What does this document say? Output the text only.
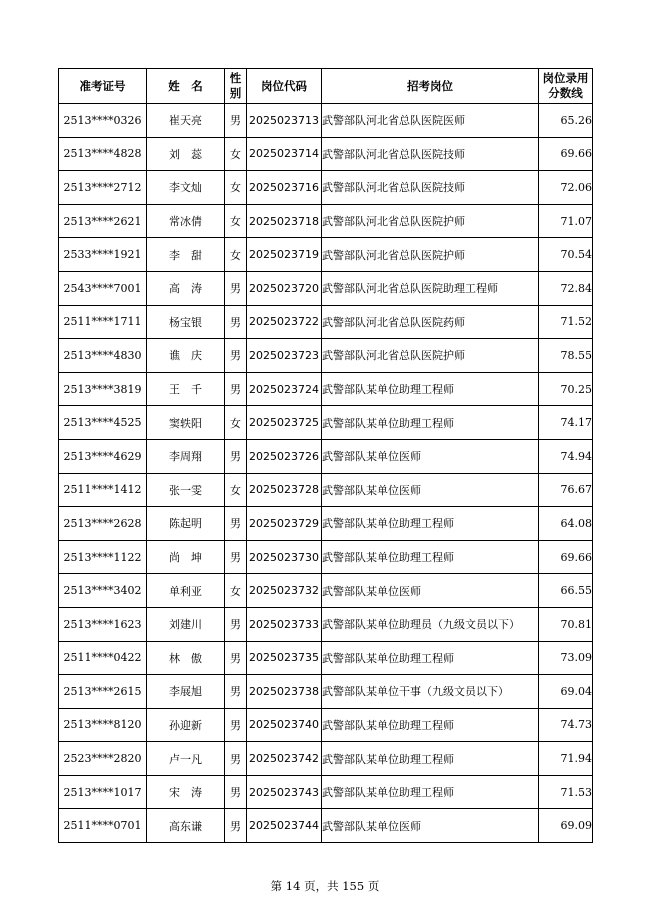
准考证号	姓　名	性别	岗位代码	招考岗位	岗位录用分数线
2513****0326	崔天亮	男	2025023713	武警部队河北省总队医院医师	65.26
2513****4828	刘　蕊	女	2025023714	武警部队河北省总队医院技师	69.66
2513****2712	李文灿	女	2025023716	武警部队河北省总队医院技师	72.06
2513****2621	常冰倩	女	2025023718	武警部队河北省总队医院护师	71.07
2533****1921	李　甜	女	2025023719	武警部队河北省总队医院护师	70.54
2543****7001	高　涛	男	2025023720	武警部队河北省总队医院助理工程师	72.84
2511****1711	杨宝银	男	2025023722	武警部队河北省总队医院药师	71.52
2513****4830	谯　庆	男	2025023723	武警部队河北省总队医院护师	78.55
2513****3819	王　千	男	2025023724	武警部队某单位助理工程师	70.25
2513****4525	窦轶阳	女	2025023725	武警部队某单位助理工程师	74.17
2513****4629	李周翔	男	2025023726	武警部队某单位医师	74.94
2511****1412	张一雯	女	2025023728	武警部队某单位医师	76.67
2513****2628	陈起明	男	2025023729	武警部队某单位助理工程师	64.08
2513****1122	尚　坤	男	2025023730	武警部队某单位助理工程师	69.66
2513****3402	单利亚	女	2025023732	武警部队某单位医师	66.55
2513****1623	刘建川	男	2025023733	武警部队某单位助理员（九级文员以下）	70.81
2511****0422	林　傲	男	2025023735	武警部队某单位助理工程师	73.09
2513****2615	李展旭	男	2025023738	武警部队某单位干事（九级文员以下）	69.04
2513****8120	孙迎新	男	2025023740	武警部队某单位助理工程师	74.73
2523****2820	卢一凡	男	2025023742	武警部队某单位助理工程师	71.94
2513****1017	宋　涛	男	2025023743	武警部队某单位助理工程师	71.53
2511****0701	高东谦	男	2025023744	武警部队某单位医师	69.09
第 14 页，共 155 页
